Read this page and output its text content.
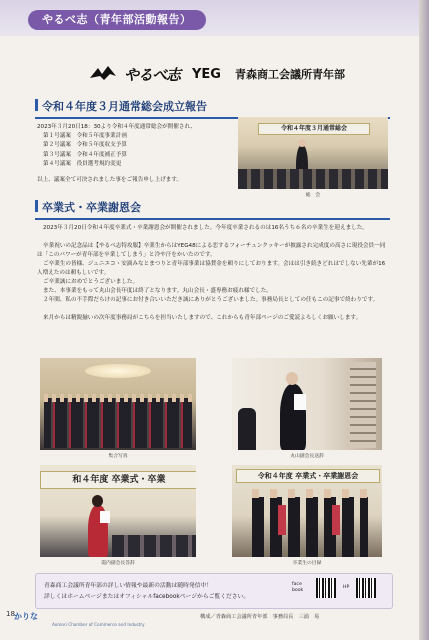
やるべ志（青年部活動報告）
やるべ志 YEG 青森商工会議所青年部
令和４年度３月通常総会成立報告
2023年３月20日18：30より令和４年度通常総会が開催され、
第１号議案　令和５年度事業計画
第２号議案　令和５年度収支予算
第３号議案　令和４年度補正予算
第４号議案　役員選考規約変更
以上、議案全て可決されました事をご報告申し上げます。
令和４年度３月通常総会
総　会
卒業式・卒業謝恩会
2023年３月20日令和４年度卒業式・卒業謝恩会が開催されました。今年度卒業されるのは16名うち６名の卒業生を迎えました。
卒業祝いの記念品は【やるべ志特攻服】卒業生からはYEG48による恋するフォーチュンクッキーが披露され完成度の高さに現役会員一同は「このパワーが青年部を卒業してしまう」と冷や汗をかいたのです。
ご卒業生の皆様、ジェニエコ・安渦みなとまつりと青年部事業は協賛金を頼りにしております。会はは引き続きどれはでしない先輩が16人増えたのは頼もしいです。
ご卒業誠におめでとうございました。
また、本事業をもって丸山会長年度は終了となります。丸山会長・盛専務お疲れ様でした。
２年間、私の不手際だらけの記事にお付き合いいただき誠にありがとうございました。事務局長としての任もこの記事で終わりです。
来月からは精鋭揃いの次年度事務局がこちらを担当いたしますので、これからも青年部ページのご愛読よろしくお願いします。
集合写真	丸山副会長送辞
和４年度 卒業式・卒業
霞内副会長答辞
令和４年度 卒業式・卒業謝恩会
卒業生の目録
青森商工会議所青年部の詳しい情報や最新の活動は随時発信中！
詳しくはホームページまたはオフィシャルfacebookページからご覧ください。
face
book
HP
構成／青森商工会議所青年部　事務局長　三浦　易
18 かりな
Aomori Chamber of Commerce and Industry
